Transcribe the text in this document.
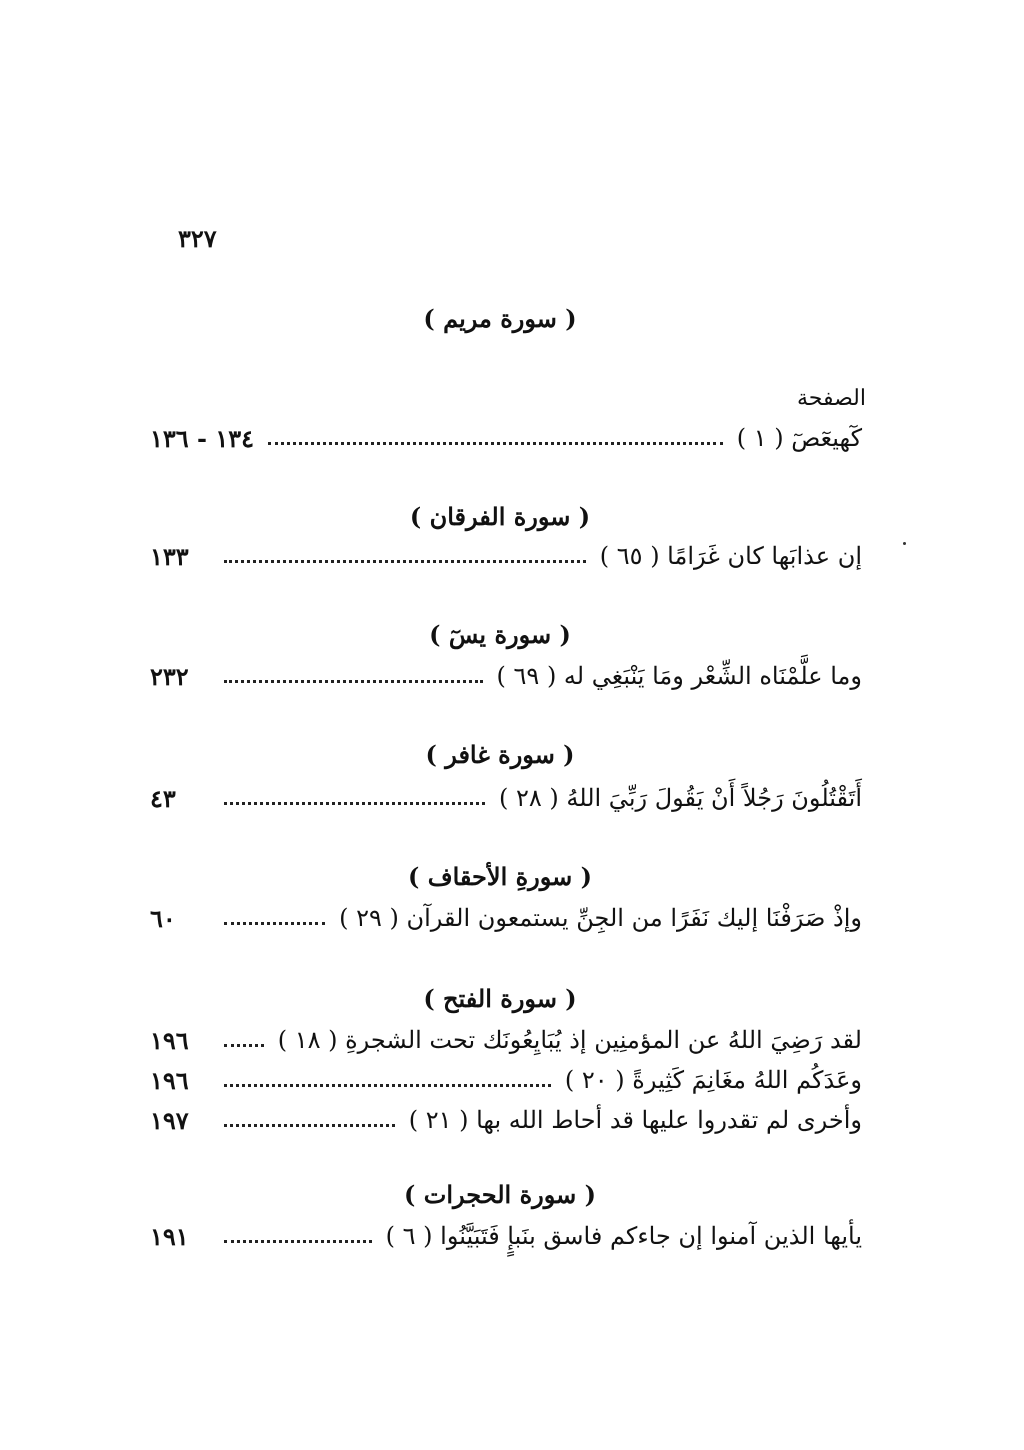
٣٢٧
الصفحة
( سورة مريم )
كٓهيعٓصٓ ( ١ )
١٣٤ - ١٣٦
( سورة الفرقان )
إن عذابَها كان غَرَامًا ( ٦٥ )
١٣٣
( سورة يسٓ )
وما علَّمْنَاه الشِّعْر ومَا يَنْبَغِي له ( ٦٩ )
٢٣٢
( سورة غافر )
أَتَقْتُلُونَ رَجُلاً أَنْ يَقُولَ رَبِّيَ اللهُ ( ٢٨ )
٤٣
( سورةِ الأحقاف )
وإذْ صَرَفْنَا إليك نَفَرًا من الجِنِّ يستمعون القرآن ( ٢٩ )
٦٠
( سورة الفتح )
لقد رَضِيَ اللهُ عن المؤمنِين إذ يُبَايِعُونَك تحت الشجرةِ ( ١٨ )
١٩٦
وعَدَكُم اللهُ مغَانِمَ كَثِيرةً ( ٢٠ )
١٩٦
وأخرى لم تقدروا عليها قد أحاط الله بها ( ٢١ )
١٩٧
( سورة الحجرات )
يأيها الذين آمنوا إن جاءكم فاسق بنَبإٍ فَتَبَيَّنُوا ( ٦ )
١٩١
